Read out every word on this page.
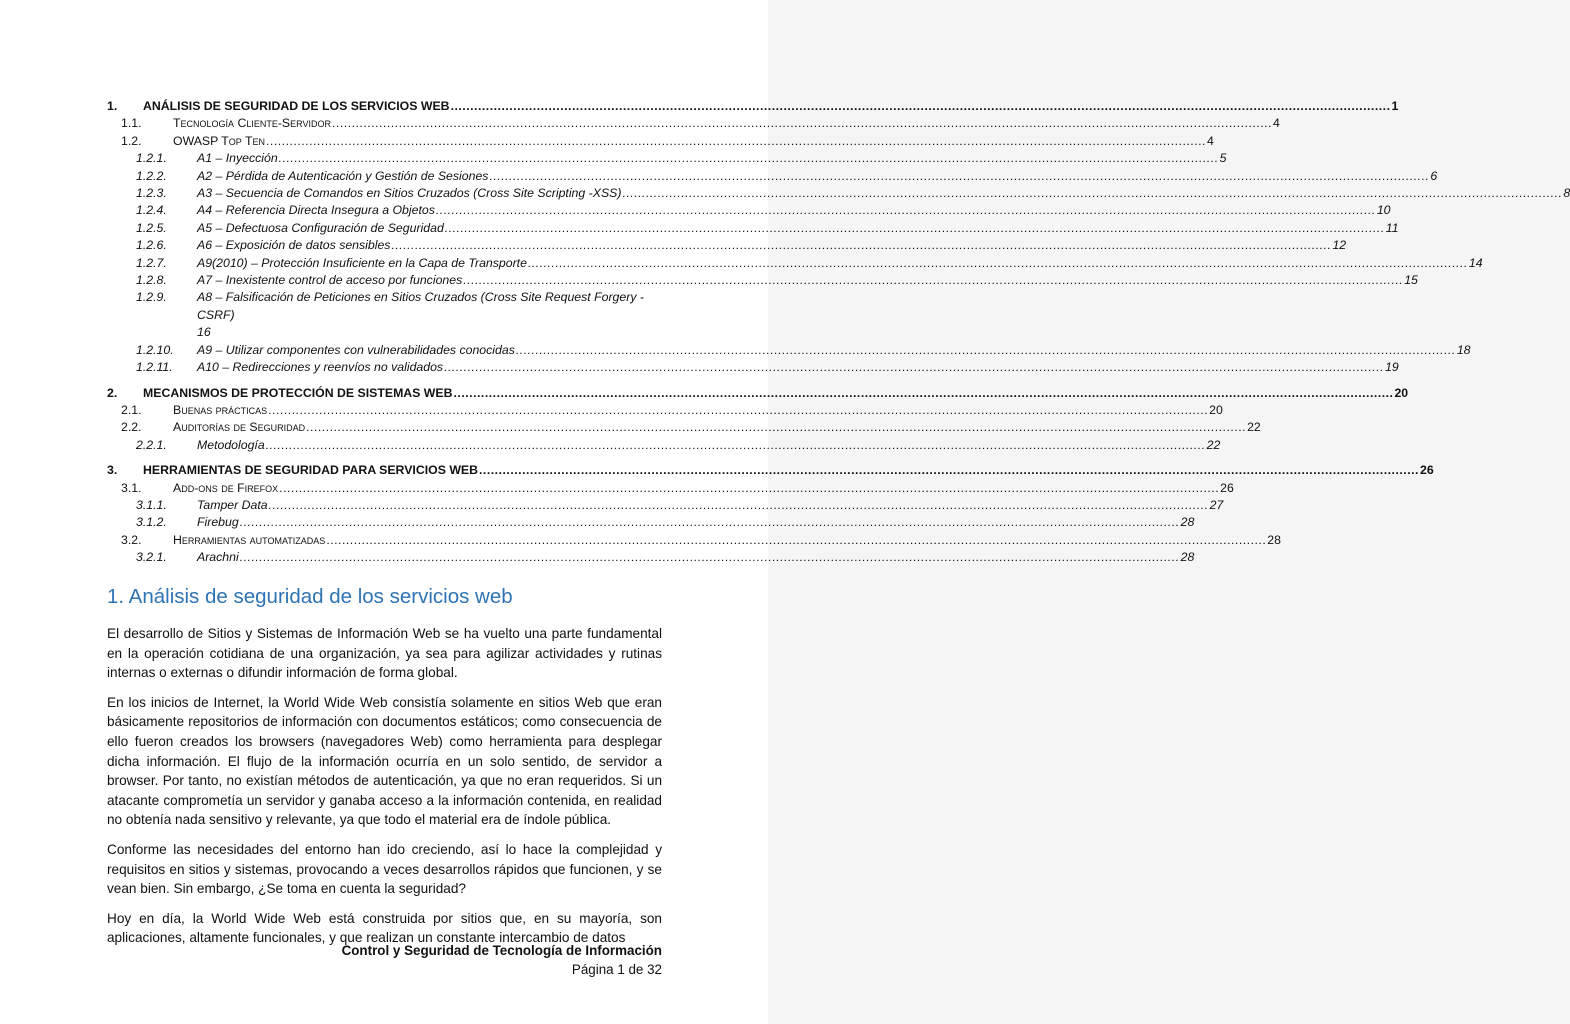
1.	ANÁLISIS DE SEGURIDAD DE LOS SERVICIOS WEB .....	1
1.1.	Tecnología Cliente-Servidor .....	4
1.2.	OWASP Top Ten .....	4
1.2.1.	A1 – Inyección .....	5
1.2.2.	A2 – Pérdida de Autenticación y Gestión de Sesiones .....	6
1.2.3.	A3 – Secuencia de Comandos en Sitios Cruzados (Cross Site Scripting -XSS) .....	8
1.2.4.	A4 – Referencia Directa Insegura a Objetos .....	10
1.2.5.	A5 – Defectuosa Configuración de Seguridad .....	11
1.2.6.	A6 – Exposición de datos sensibles .....	12
1.2.7.	A9(2010) – Protección Insuficiente en la Capa de Transporte .....	14
1.2.8.	A7 – Inexistente control de acceso por funciones .....	15
1.2.9.	A8 – Falsificación de Peticiones en Sitios Cruzados (Cross Site Request Forgery - CSRF)
16
1.2.10.	A9 – Utilizar componentes con vulnerabilidades conocidas .....	18
1.2.11.	A10 – Redirecciones y reenvíos no validados .....	19
2.	MECANISMOS DE PROTECCIÓN DE SISTEMAS WEB .....	20
2.1.	Buenas prácticas .....	20
2.2.	Auditorías de Seguridad .....	22
2.2.1.	Metodología .....	22
3.	HERRAMIENTAS DE SEGURIDAD PARA SERVICIOS WEB .....	26
3.1.	Add-ons de Firefox .....	26
3.1.1.	Tamper Data .....	27
3.1.2.	Firebug .....	28
3.2.	Herramientas automatizadas .....	28
3.2.1.	Arachni .....	28
1. Análisis de seguridad de los servicios web

El desarrollo de Sitios y Sistemas de Información Web se ha vuelto una parte fundamental en la operación cotidiana de una organización, ya sea para agilizar actividades y rutinas internas o externas o difundir información de forma global.

En los inicios de Internet, la World Wide Web consistía solamente en sitios Web que eran básicamente repositorios de información con documentos estáticos; como consecuencia de ello fueron creados los browsers (navegadores Web) como herramienta para desplegar dicha información. El flujo de la información ocurría en un solo sentido, de servidor a browser. Por tanto, no existían métodos de autenticación, ya que no eran requeridos. Si un atacante comprometía un servidor y ganaba acceso a la información contenida, en realidad no obtenía nada sensitivo y relevante, ya que todo el material era de índole pública.

Conforme las necesidades del entorno han ido creciendo, así lo hace la complejidad y requisitos en sitios y sistemas, provocando a veces desarrollos rápidos que funcionen, y se vean bien. Sin embargo, ¿Se toma en cuenta la seguridad?

Hoy en día, la World Wide Web está construida por sitios que, en su mayoría, son aplicaciones, altamente funcionales, y que realizan un constante intercambio de datos

Control y Seguridad de Tecnología de Información
Página 1 de 32
